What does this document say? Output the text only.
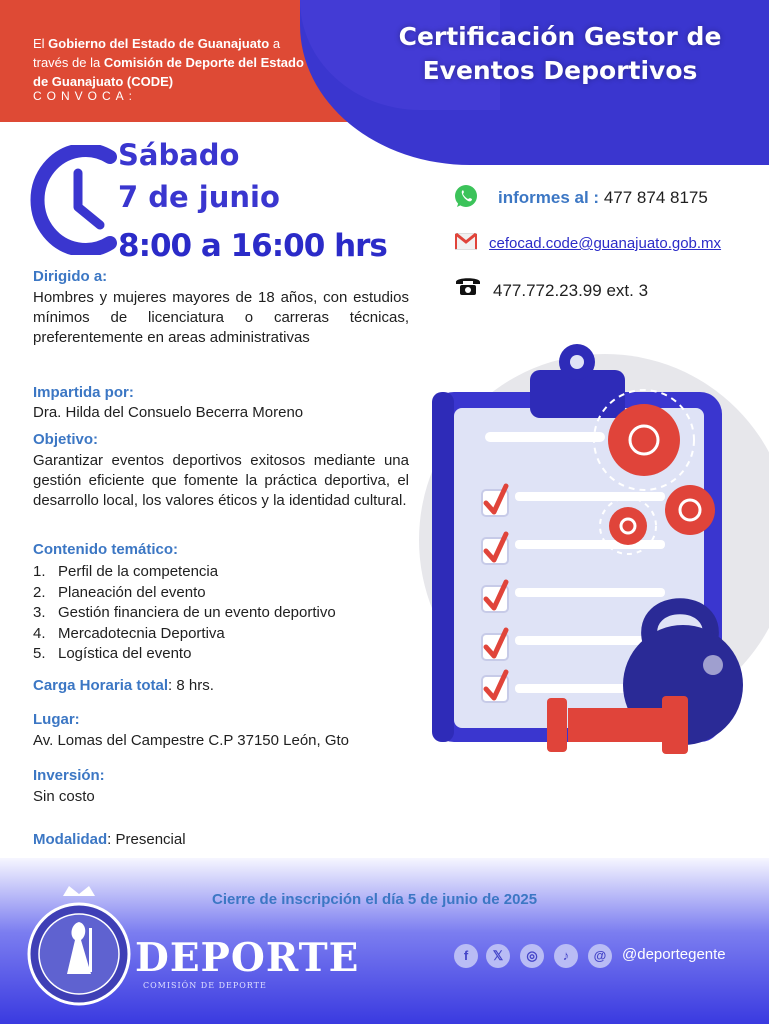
El Gobierno del Estado de Guanajuato a través de la Comisión de Deporte del Estado de Guanajuato (CODE)
CONVOCA:
Certificación Gestor de
Eventos Deportivos
Sábado
7 de junio
8:00 a 16:00 hrs
informes al : 477 874 8175
cefocad.code@guanajuato.gob.mx
477.772.23.99 ext. 3
Dirigido a:
Hombres y mujeres mayores de 18 años, con estudios mínimos de licenciatura o carreras técnicas, preferentemente en areas administrativas
Impartida por:
Dra. Hilda del Consuelo Becerra Moreno
Objetivo:
Garantizar eventos deportivos exitosos mediante una gestión eficiente que fomente la práctica deportiva, el desarrollo local, los valores éticos y la identidad cultural.
Contenido temático:
1. Perfil de la competencia
2. Planeación del evento
3. Gestión financiera de un evento deportivo
4. Mercadotecnia Deportiva
5. Logística del evento
Carga Horaria total: 8 hrs.
Lugar:
Av. Lomas del Campestre C.P 37150 León, Gto
Inversión:
Sin costo
Modalidad: Presencial
Cierre de inscripción el día 5 de junio de 2025
DEPORTE
COMISIÓN DE DEPORTE
f	𝕏	◎	♪	@	@deportegente
